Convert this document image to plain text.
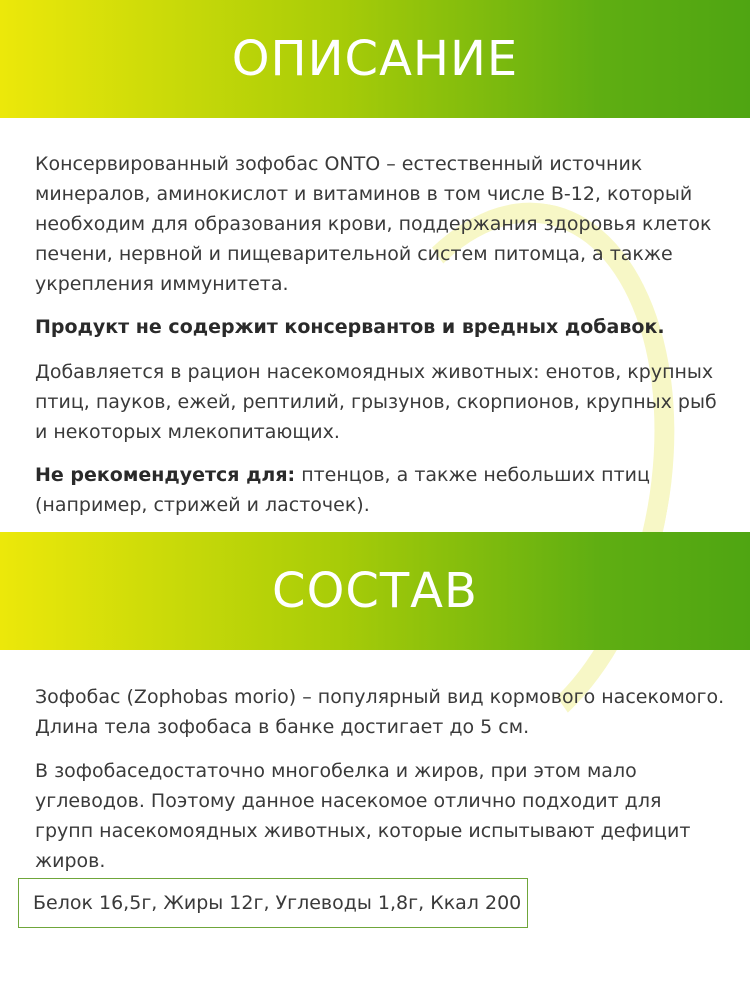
ОПИСАНИЕ

Консервированный зофобас ONTO – естественный источник минералов, аминокислот и витаминов в том числе В-12, который необходим для образования крови, поддержания здоровья клеток печени, нервной и пищеварительной систем питомца, а также укрепления иммунитета.

Продукт не содержит консервантов и вредных добавок.

Добавляется в рацион насекомоядных животных: енотов, крупных птиц, пауков, ежей, рептилий, грызунов, скорпионов, крупных рыб и некоторых млекопитающих.

Не рекомендуется для: птенцов, а также небольших птиц (например, стрижей и ласточек).

СОСТАВ

Зофобас (Zophobas morio) – популярный вид кормового насекомого. Длина тела зофобаса в банке достигает до 5 см.

В зофобаседостаточно многобелка и жиров, при этом мало углеводов. Поэтому данное насекомое отлично подходит для групп насекомоядных животных, которые испытывают дефицит жиров.

Белок 16,5г, Жиры 12г, Углеводы 1,8г, Ккал 200
